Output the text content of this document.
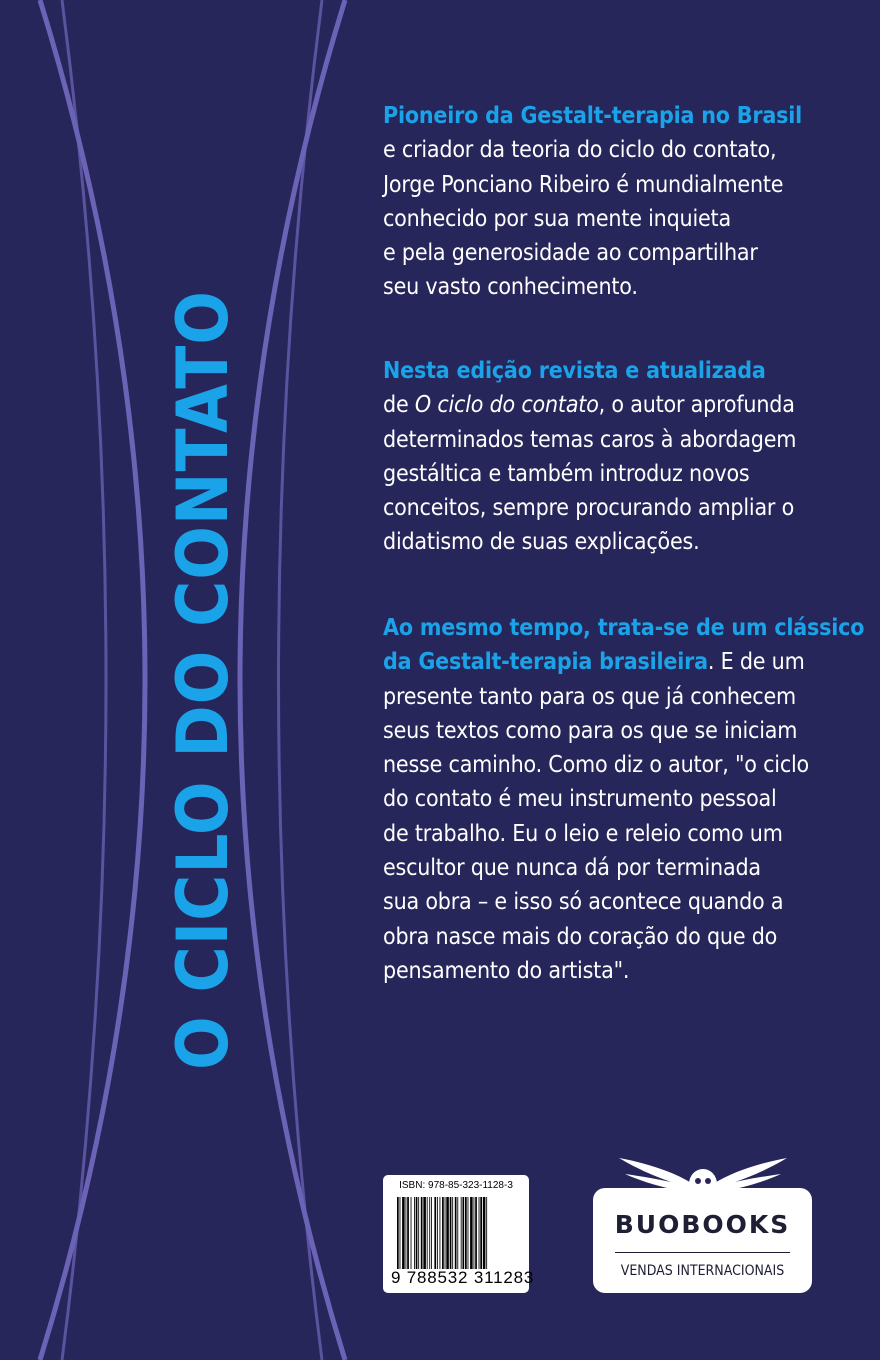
O CICLO DO CONTATO
Pioneiro da Gestalt-terapia no Brasil
e criador da teoria do ciclo do contato,
Jorge Ponciano Ribeiro é mundialmente
conhecido por sua mente inquieta
e pela generosidade ao compartilhar
seu vasto conhecimento.
Nesta edição revista e atualizada
de O ciclo do contato, o autor aprofunda
determinados temas caros à abordagem
gestáltica e também introduz novos
conceitos, sempre procurando ampliar o
didatismo de suas explicações.
Ao mesmo tempo, trata-se de um clássico
da Gestalt-terapia brasileira. E de um
presente tanto para os que já conhecem
seus textos como para os que se iniciam
nesse caminho. Como diz o autor, "o ciclo
do contato é meu instrumento pessoal
de trabalho. Eu o leio e releio como um
escultor que nunca dá por terminada
sua obra – e isso só acontece quando a
obra nasce mais do coração do que do
pensamento do artista".
ISBN: 978-85-323-1128-3
9 788532 311283
BUOBOOKS
VENDAS INTERNACIONAIS
